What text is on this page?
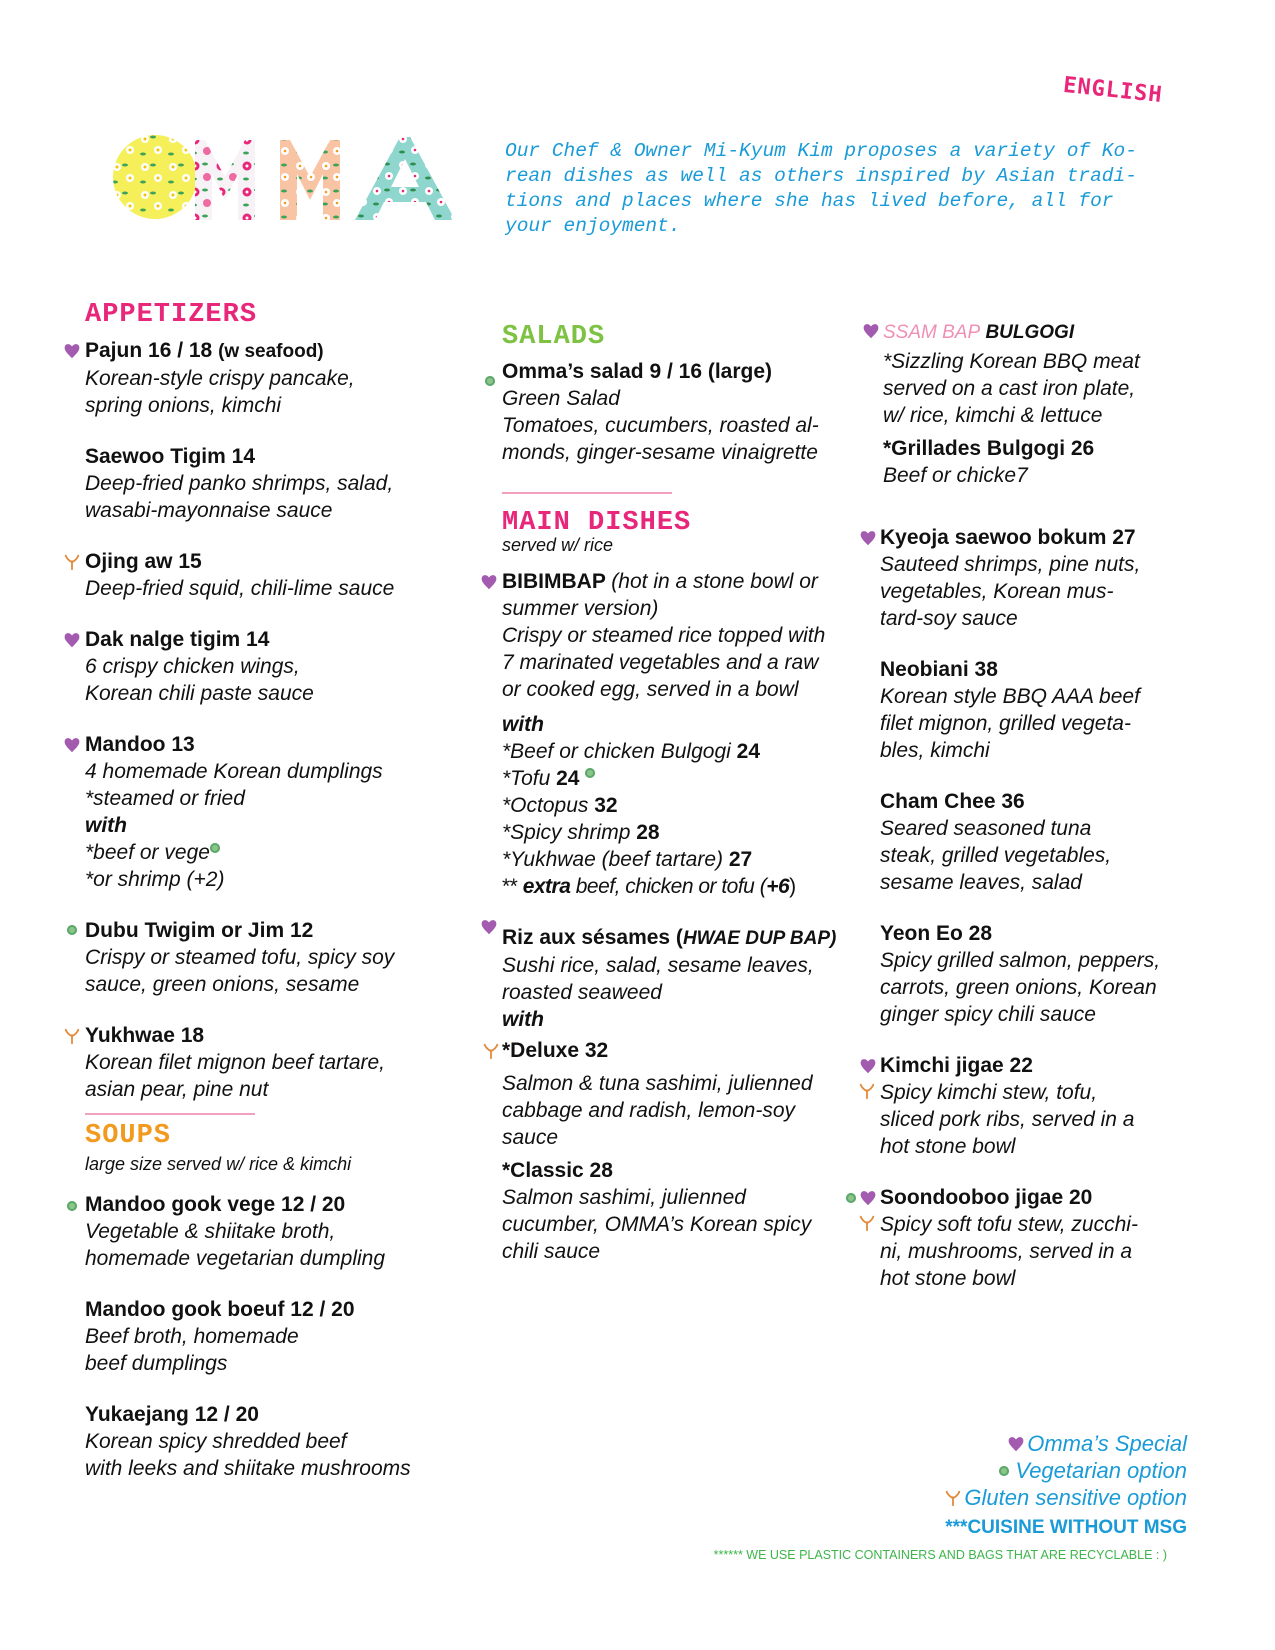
ENGLISH
Our Chef & Owner Mi-Kyum Kim proposes a variety of Ko-
rean dishes as well as others inspired by Asian tradi-
tions and places where she has lived before, all for
your enjoyment.
APPETIZERS
Pajun 16 / 18 (w seafood)
Korean-style crispy pancake,
spring onions, kimchi
Saewoo Tigim 14
Deep-fried panko shrimps, salad,
wasabi-mayonnaise sauce
Ojing aw 15
Deep-fried squid, chili-lime sauce
Dak nalge tigim 14
6 crispy chicken wings,
Korean chili paste sauce
Mandoo 13
4 homemade Korean dumplings
*steamed or fried
with
*beef or vege
*or shrimp (+2)
Dubu Twigim or Jim 12
Crispy or steamed tofu, spicy soy
sauce, green onions, sesame
Yukhwae 18
Korean filet mignon beef tartare,
asian pear, pine nut
SOUPS
large size served w/ rice & kimchi
Mandoo gook vege 12 / 20
Vegetable & shiitake broth,
homemade vegetarian dumpling
Mandoo gook boeuf 12 / 20
Beef broth, homemade
beef dumplings
Yukaejang 12 / 20
Korean spicy shredded beef
with leeks and shiitake mushrooms
SALADS
Omma’s salad 9 / 16 (large)
Green Salad
Tomatoes, cucumbers, roasted al-
monds, ginger-sesame vinaigrette
MAIN DISHES
served w/ rice
BIBIMBAP (hot in a stone bowl or
summer version)
Crispy or steamed rice topped with
7 marinated vegetables and a raw
or cooked egg, served in a bowl
with
*Beef or chicken Bulgogi 24
*Tofu 24
*Octopus 32
*Spicy shrimp 28
*Yukhwae (beef tartare) 27
** extra beef, chicken or tofu (+6)
Riz aux sésames (HWAE DUP BAP)
Sushi rice, salad, sesame leaves,
roasted seaweed
with
*Deluxe 32
Salmon & tuna sashimi, julienned
cabbage and radish, lemon-soy
sauce
*Classic 28
Salmon sashimi, julienned
cucumber, OMMA’s Korean spicy
chili sauce
SSAM BAP BULGOGI
*Sizzling Korean BBQ meat
served on a cast iron plate,
w/ rice, kimchi & lettuce
*Grillades Bulgogi 26
Beef or chicke7
Kyeoja saewoo bokum 27
Sauteed shrimps, pine nuts,
vegetables, Korean mus-
tard-soy sauce
Neobiani 38
Korean style BBQ AAA beef
filet mignon, grilled vegeta-
bles, kimchi
Cham Chee 36
Seared seasoned tuna
steak, grilled vegetables,
sesame leaves, salad
Yeon Eo 28
Spicy grilled salmon, peppers,
carrots, green onions, Korean
ginger spicy chili sauce
Kimchi jigae 22
Spicy kimchi stew, tofu,
sliced pork ribs, served in a
hot stone bowl
Soondooboo jigae 20
Spicy soft tofu stew, zucchi-
ni, mushrooms, served in a
hot stone bowl
Omma’s Special
Vegetarian option
Gluten sensitive option
***CUISINE WITHOUT MSG
****** WE USE PLASTIC CONTAINERS AND BAGS THAT ARE RECYCLABLE : )
